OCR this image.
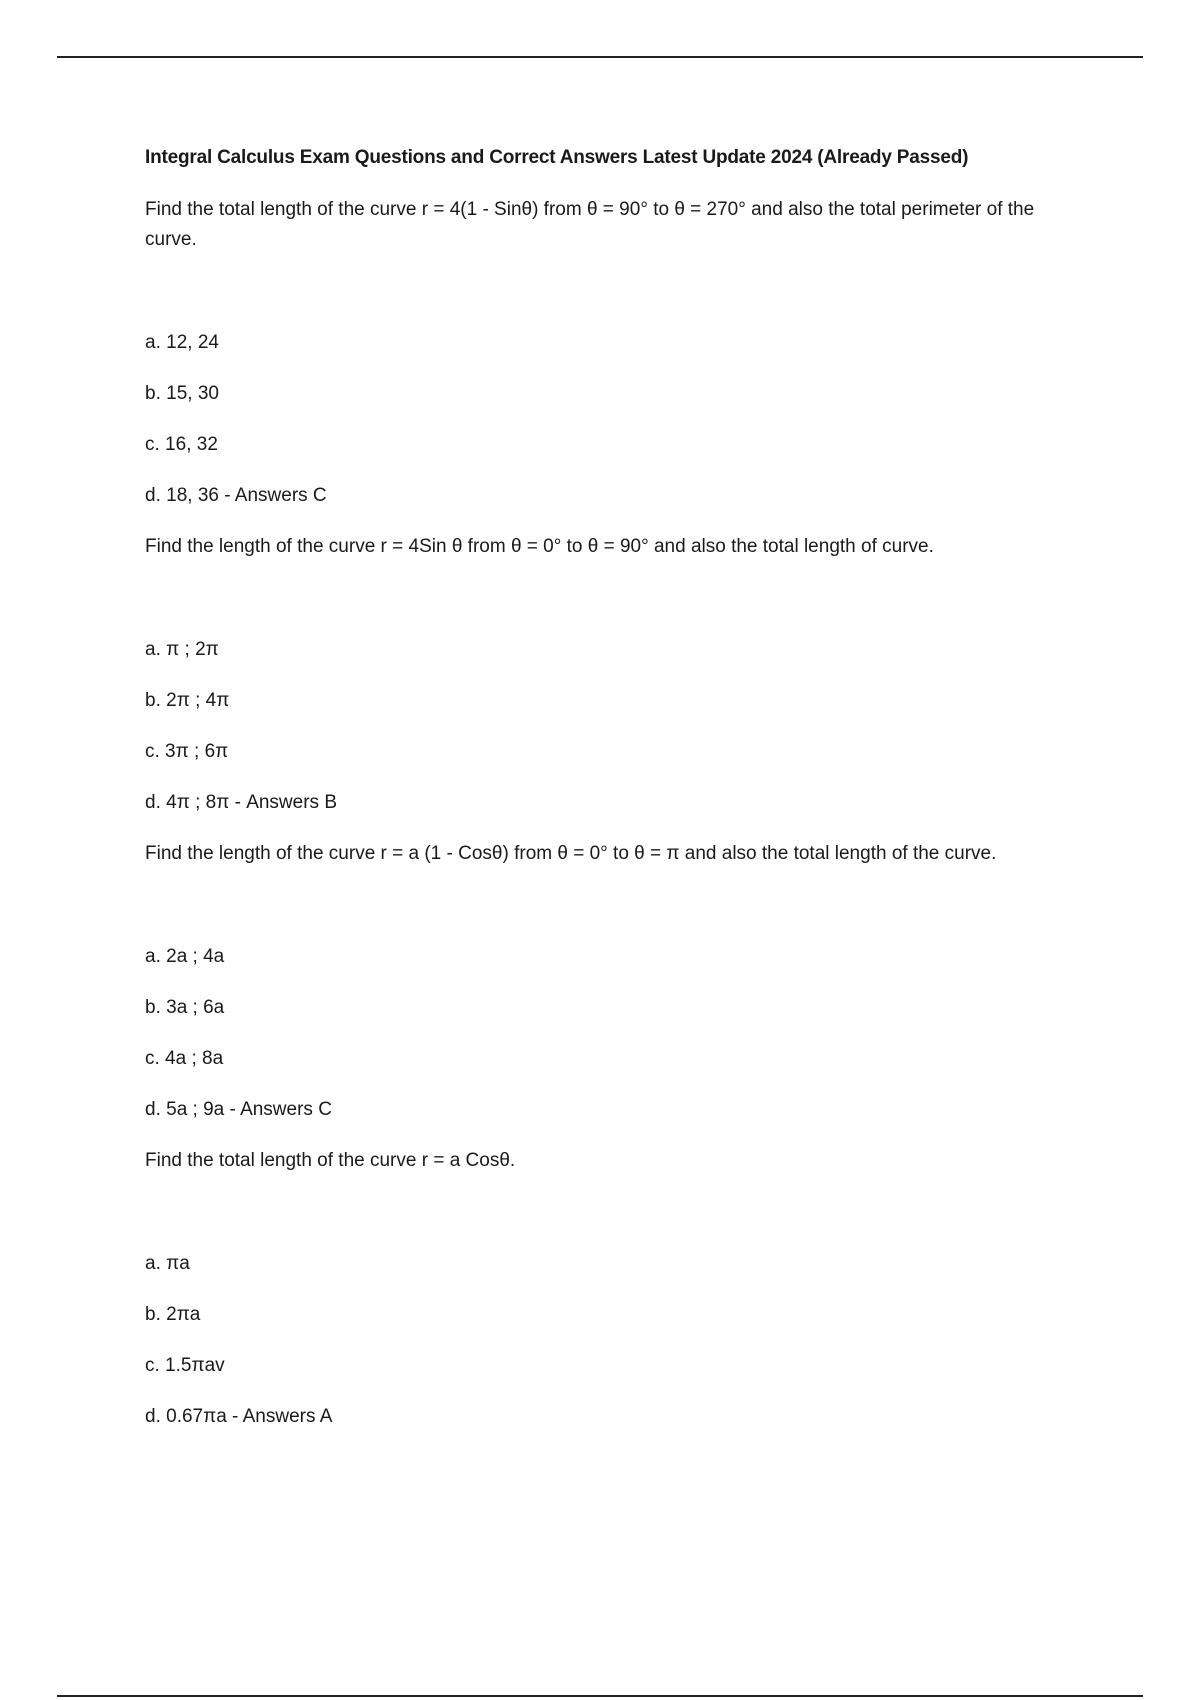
Integral Calculus Exam Questions and Correct Answers Latest Update 2024 (Already Passed)

Find the total length of the curve r = 4(1 - Sinθ) from θ = 90° to θ = 270° and also the total perimeter of the curve.

a. 12, 24
b. 15, 30
c. 16, 32
d. 18, 36 - Answers C

Find the length of the curve r = 4Sin θ from θ = 0° to θ = 90° and also the total length of curve.

a. π ; 2π
b. 2π ; 4π
c. 3π ; 6π
d. 4π ; 8π - Answers B

Find the length of the curve r = a (1 - Cosθ) from θ = 0° to θ = π and also the total length of the curve.

a. 2a ; 4a
b. 3a ; 6a
c. 4a ; 8a
d. 5a ; 9a - Answers C

Find the total length of the curve r = a Cosθ.

a. πa
b. 2πa
c. 1.5πav
d. 0.67πa - Answers A
